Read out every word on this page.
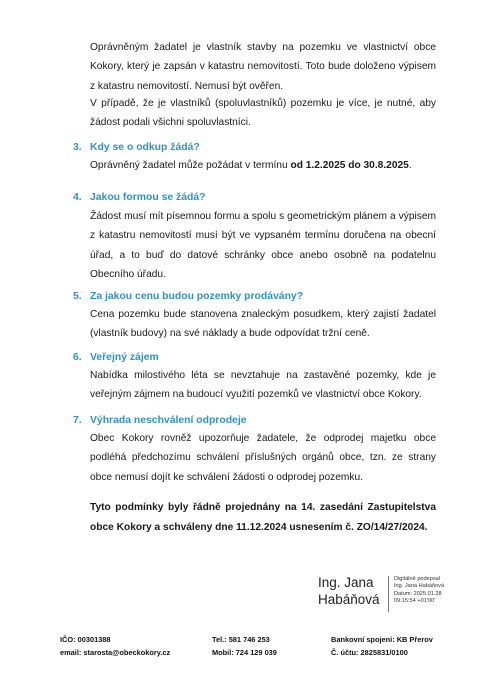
Oprávněným žadatel je vlastník stavby na pozemku ve vlastnictví obce Kokory, který je zapsán v katastru nemovitostí. Toto bude doloženo výpisem z katastru nemovitostí. Nemusí být ověřen.
V případě, že je vlastníků (spoluvlastníků) pozemku je více, je nutné, aby žádost podali všichni spoluvlastníci.
3. Kdy se o odkup žádá?
Oprávněný žadatel může požádat v termínu od 1.2.2025 do 30.8.2025.
4. Jakou formou se žádá?
Žádost musí mít písemnou formu a spolu s geometrickým plánem a výpisem z katastru nemovitostí musí být ve vypsaném termínu doručena na obecní úřad, a to buď do datové schránky obce anebo osobně na podatelnu Obecního úřadu.
5. Za jakou cenu budou pozemky prodávány?
Cena pozemku bude stanovena znaleckým posudkem, který zajistí žadatel (vlastník budovy) na své náklady a bude odpovídat tržní ceně.
6. Veřejný zájem
Nabídka milostivého léta se nevztahuje na zastavěné pozemky, kde je veřejným zájmem na budoucí využití pozemků ve vlastnictví obce Kokory.
7. Výhrada neschválení odprodeje
Obec Kokory rovněž upozorňuje žadatele, že odprodej majetku obce podléhá předchozímu schválení příslušných orgánů obce, tzn. ze strany obce nemusí dojít ke schválení žádosti o odprodej pozemku.
Tyto podmínky byly řádně projednány na 14. zasedání Zastupitelstva obce Kokory a schváleny dne 11.12.2024 usnesením č. ZO/14/27/2024.
Ing. Jana
Habáňová
Digitálně podepsal
Ing. Jana Habáňová
Datum: 2025.01.28
09:15:54 +01'00'
IČO: 00301388
email: starosta@obeckokory.cz
Tel.: 581 746 253
Mobil: 724 129 039
Bankovní spojení: KB Přerov
Č. účtu: 2825831/0100
